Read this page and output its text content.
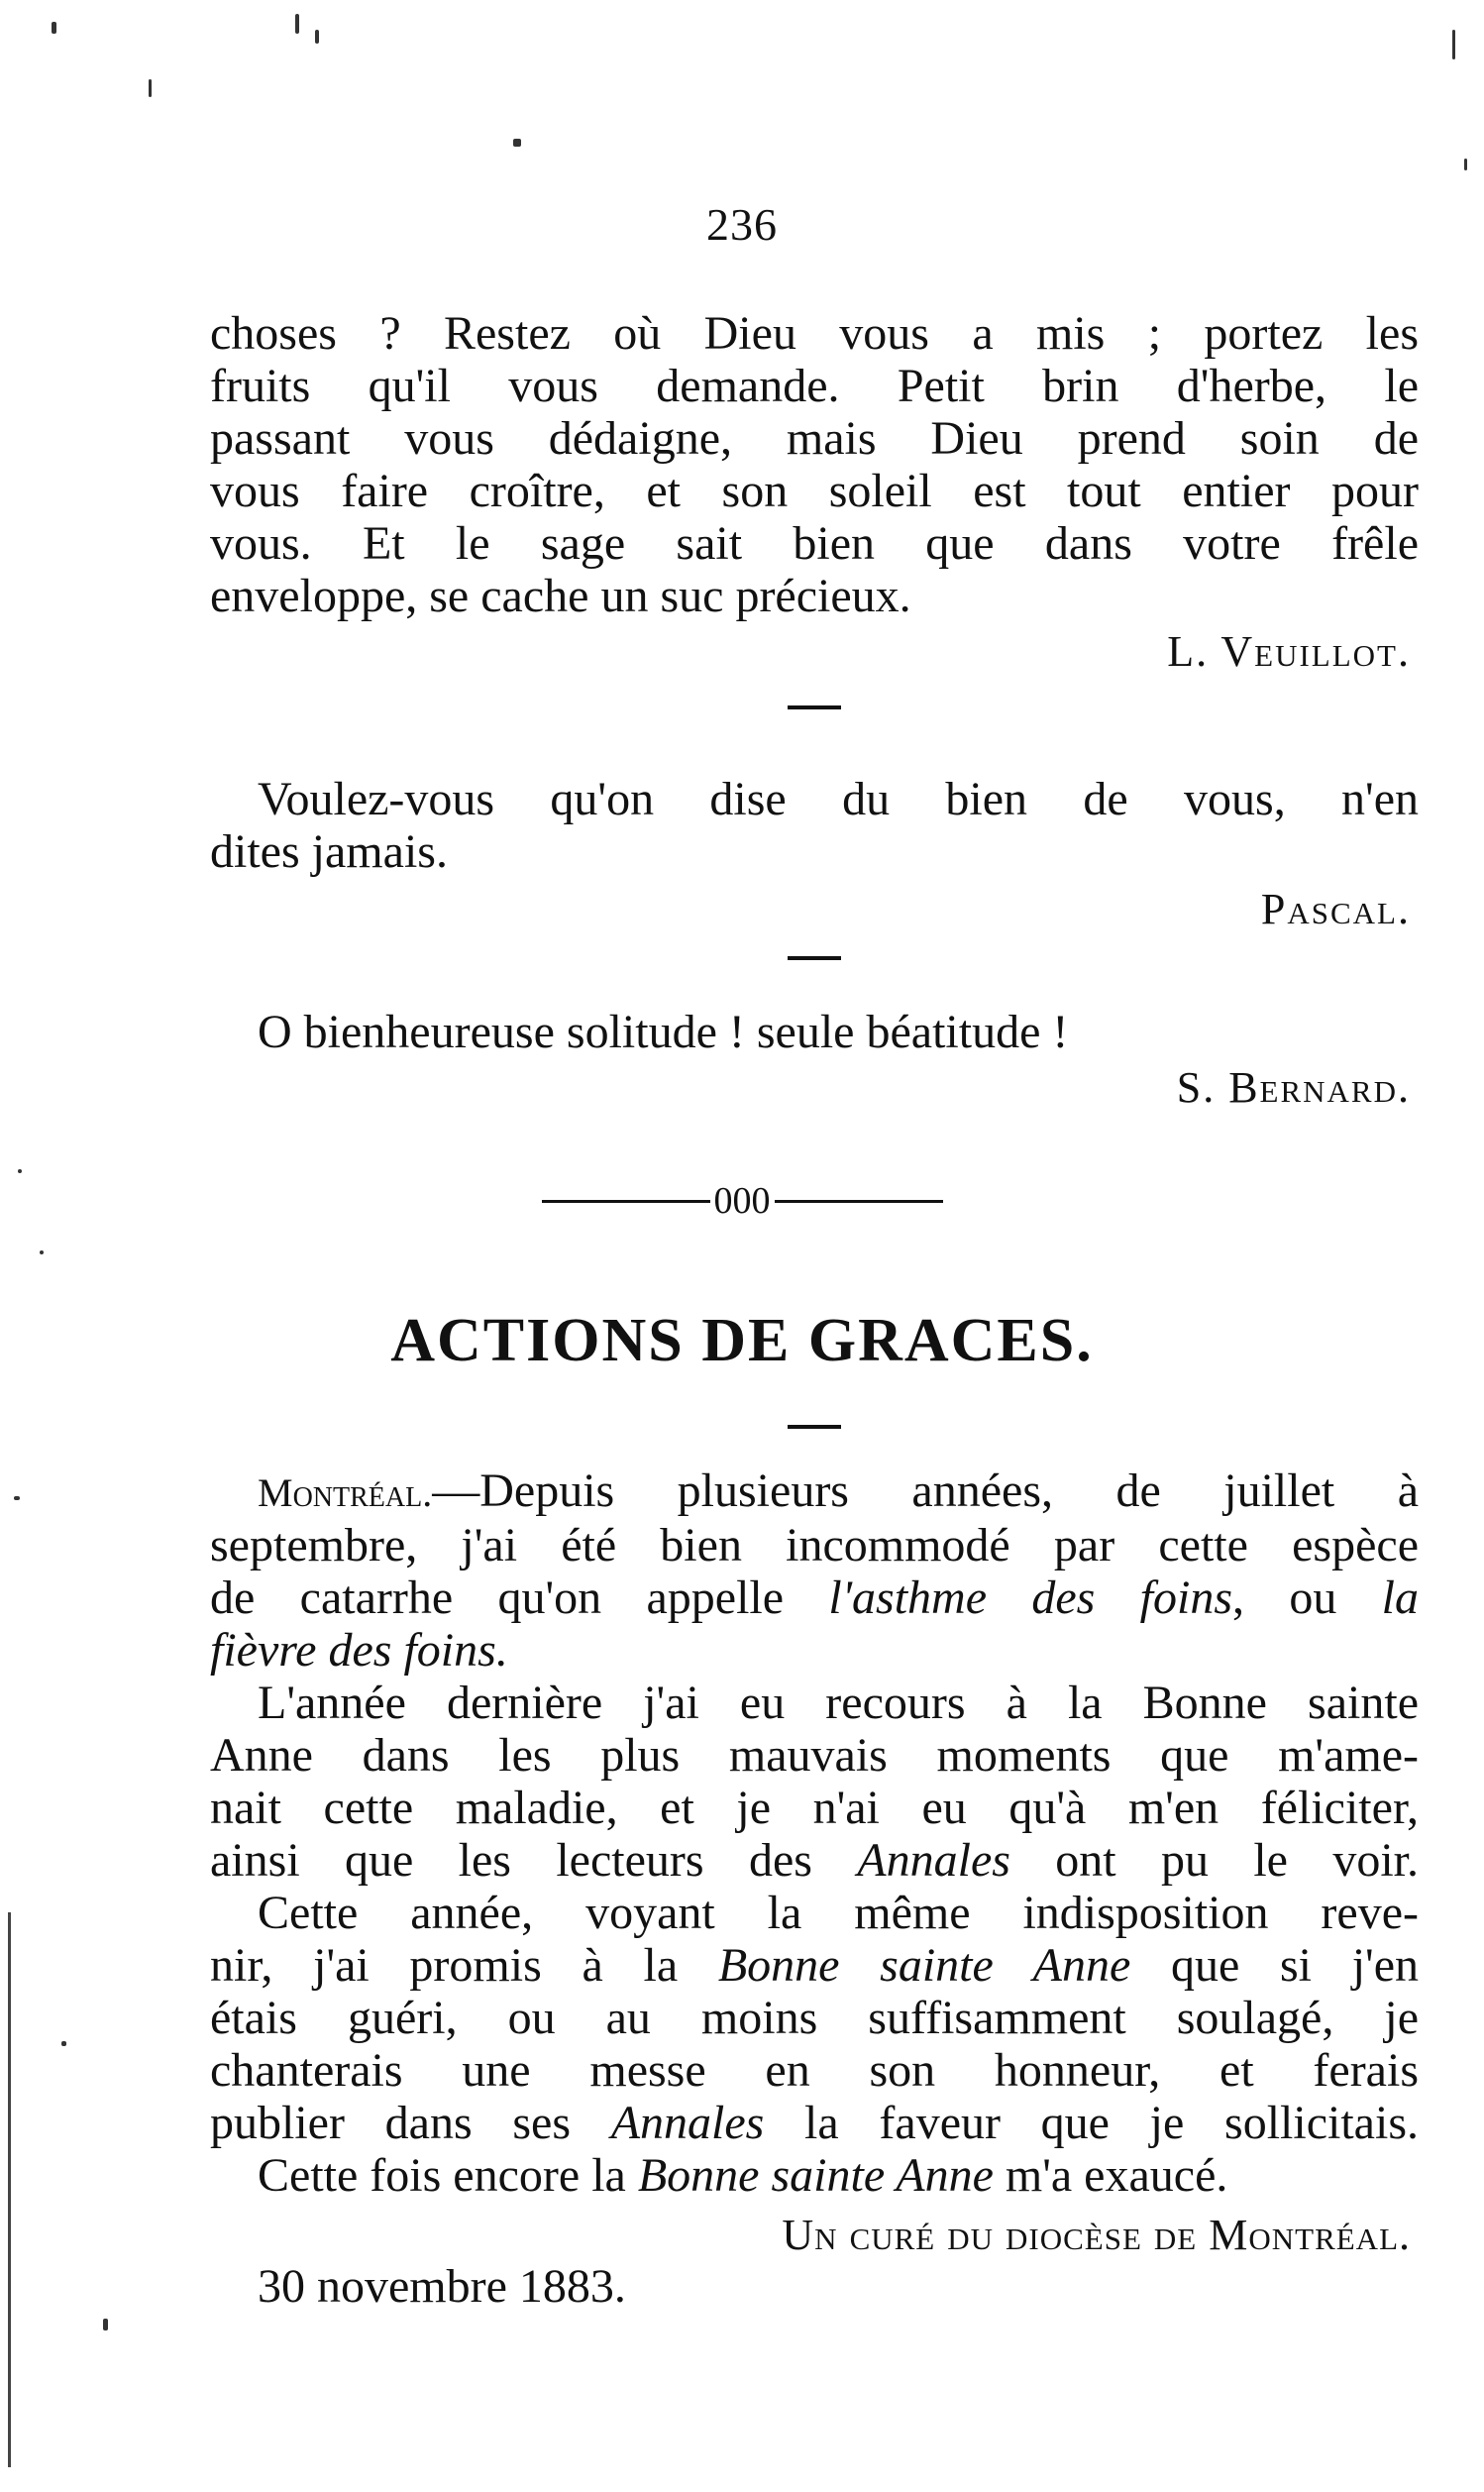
236

choses ? Restez où Dieu vous a mis ; portez les
fruits qu'il vous demande. Petit brin d'herbe, le
passant vous dédaigne, mais Dieu prend soin de
vous faire croître, et son soleil est tout entier pour
vous. Et le sage sait bien que dans votre frêle
enveloppe, se cache un suc précieux.

L. Veuillot.

Voulez-vous qu'on dise du bien de vous, n'en
dites jamais.

Pascal.

O bienheureuse solitude ! seule béatitude !

S. Bernard.

000
ACTIONS DE GRACES.

Montréal.—Depuis plusieurs années, de juillet à
septembre, j'ai été bien incommodé par cette espèce
de catarrhe qu'on appelle l'asthme des foins, ou la
fièvre des foins.

L'année dernière j'ai eu recours à la Bonne sainte
Anne dans les plus mauvais moments que m'ame-
nait cette maladie, et je n'ai eu qu'à m'en féliciter,
ainsi que les lecteurs des Annales ont pu le voir.

Cette année, voyant la même indisposition reve-
nir, j'ai promis à la Bonne sainte Anne que si j'en
étais guéri, ou au moins suffisamment soulagé, je
chanterais une messe en son honneur, et ferais
publier dans ses Annales la faveur que je sollicitais.

Cette fois encore la Bonne sainte Anne m'a exaucé.

Un curé du diocèse de Montréal.

30 novembre 1883.
